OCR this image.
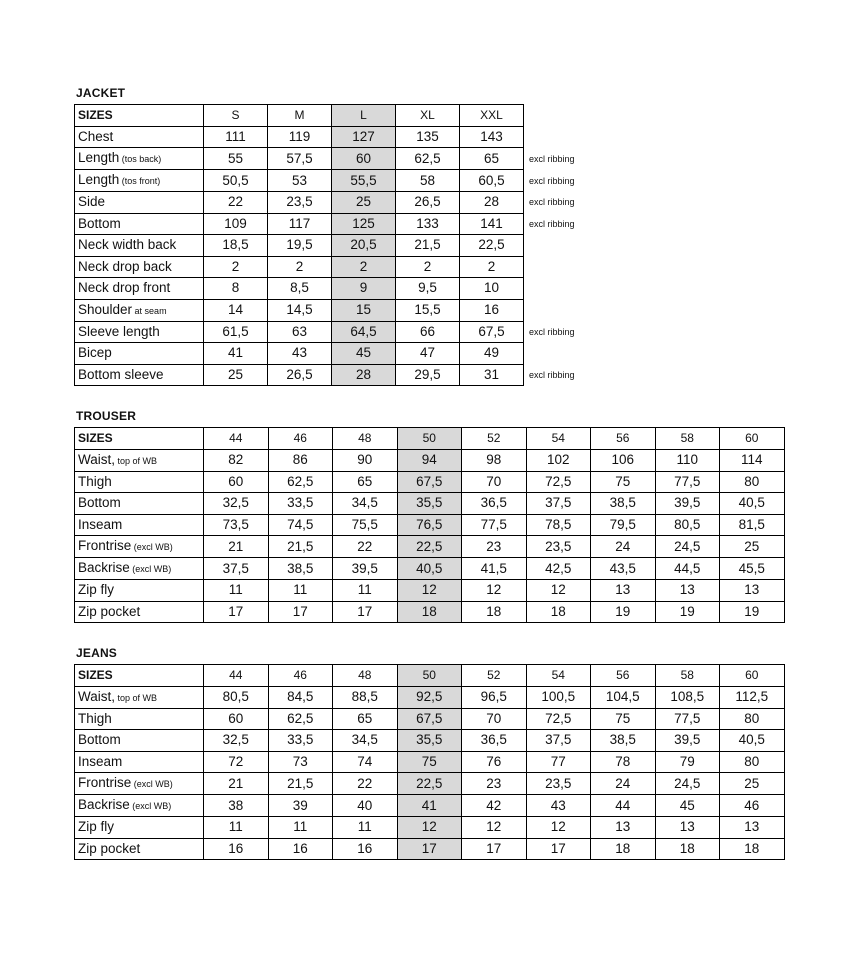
JACKET
SIZES	S	M	L	XL	XXL	
Chest	111	119	127	135	143	
Length (tos back)	55	57,5	60	62,5	65	excl ribbing
Length (tos front)	50,5	53	55,5	58	60,5	excl ribbing
Side	22	23,5	25	26,5	28	excl ribbing
Bottom	109	117	125	133	141	excl ribbing
Neck width back	18,5	19,5	20,5	21,5	22,5	
Neck drop back	2	2	2	2	2	
Neck drop front	8	8,5	9	9,5	10	
Shoulder at seam	14	14,5	15	15,5	16	
Sleeve length	61,5	63	64,5	66	67,5	excl ribbing
Bicep	41	43	45	47	49	
Bottom sleeve	25	26,5	28	29,5	31	excl ribbing
TROUSER
SIZES	44	46	48	50	52	54	56	58	60
Waist, top of WB	82	86	90	94	98	102	106	110	114
Thigh	60	62,5	65	67,5	70	72,5	75	77,5	80
Bottom	32,5	33,5	34,5	35,5	36,5	37,5	38,5	39,5	40,5
Inseam	73,5	74,5	75,5	76,5	77,5	78,5	79,5	80,5	81,5
Frontrise (excl WB)	21	21,5	22	22,5	23	23,5	24	24,5	25
Backrise (excl WB)	37,5	38,5	39,5	40,5	41,5	42,5	43,5	44,5	45,5
Zip fly	11	11	11	12	12	12	13	13	13
Zip pocket	17	17	17	18	18	18	19	19	19
JEANS
SIZES	44	46	48	50	52	54	56	58	60
Waist, top of WB	80,5	84,5	88,5	92,5	96,5	100,5	104,5	108,5	112,5
Thigh	60	62,5	65	67,5	70	72,5	75	77,5	80
Bottom	32,5	33,5	34,5	35,5	36,5	37,5	38,5	39,5	40,5
Inseam	72	73	74	75	76	77	78	79	80
Frontrise (excl WB)	21	21,5	22	22,5	23	23,5	24	24,5	25
Backrise (excl WB)	38	39	40	41	42	43	44	45	46
Zip fly	11	11	11	12	12	12	13	13	13
Zip pocket	16	16	16	17	17	17	18	18	18
